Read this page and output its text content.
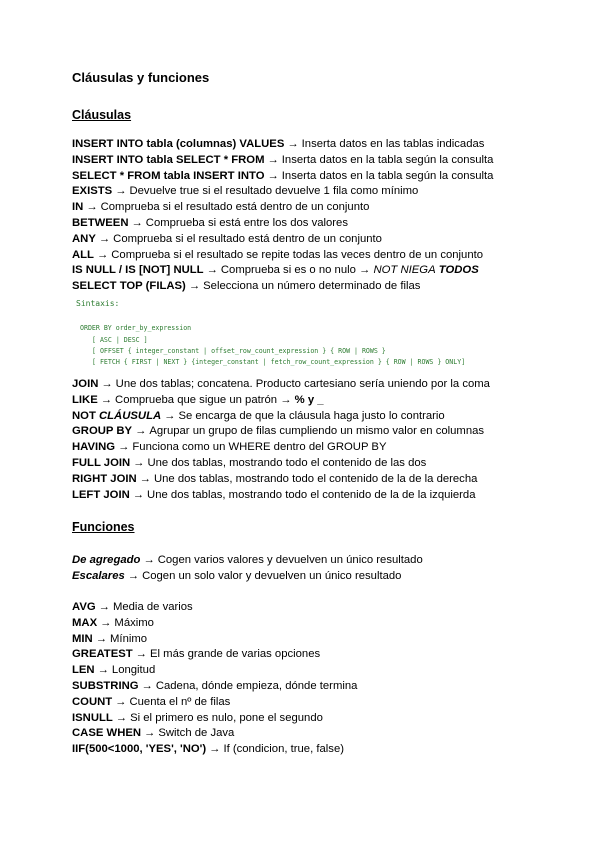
Cláusulas y funciones
Cláusulas
INSERT INTO tabla (columnas) VALUES → Inserta datos en las tablas indicadas
INSERT INTO tabla SELECT * FROM → Inserta datos en la tabla según la consulta
SELECT * FROM tabla INSERT INTO → Inserta datos en la tabla según la consulta
EXISTS → Devuelve true si el resultado devuelve 1 fila como mínimo
IN → Comprueba si el resultado está dentro de un conjunto
BETWEEN → Comprueba si está entre los dos valores
ANY → Comprueba si el resultado está dentro de un conjunto
ALL → Comprueba si el resultado se repite todas las veces dentro de un conjunto
IS NULL / IS [NOT] NULL → Comprueba si es o no nulo → NOT NIEGA TODOS
SELECT TOP (FILAS) → Selecciona un número determinado de filas
Sintaxis:
ORDER BY order_by_expression
[ ASC | DESC ]
[ OFFSET { integer_constant | offset_row_count_expression } { ROW | ROWS }
[ FETCH { FIRST | NEXT } {integer_constant | fetch_row_count_expression } { ROW | ROWS } ONLY]
JOIN → Une dos tablas; concatena. Producto cartesiano sería uniendo por la coma
LIKE → Comprueba que sigue un patrón → % y _
NOT CLÁUSULA → Se encarga de que la cláusula haga justo lo contrario
GROUP BY → Agrupar un grupo de filas cumpliendo un mismo valor en columnas
HAVING → Funciona como un WHERE dentro del GROUP BY
FULL JOIN → Une dos tablas, mostrando todo el contenido de las dos
RIGHT JOIN → Une dos tablas, mostrando todo el contenido de la de la derecha
LEFT JOIN → Une dos tablas, mostrando todo el contenido de la de la izquierda
Funciones
De agregado → Cogen varios valores y devuelven un único resultado
Escalares → Cogen un solo valor y devuelven un único resultado
AVG → Media de varios
MAX → Máximo
MIN → Mínimo
GREATEST → El más grande de varias opciones
LEN → Longitud
SUBSTRING → Cadena, dónde empieza, dónde termina
COUNT → Cuenta el nº de filas
ISNULL → Si el primero es nulo, pone el segundo
CASE WHEN → Switch de Java
IIF(500<1000, 'YES', 'NO') → If (condicion, true, false)
